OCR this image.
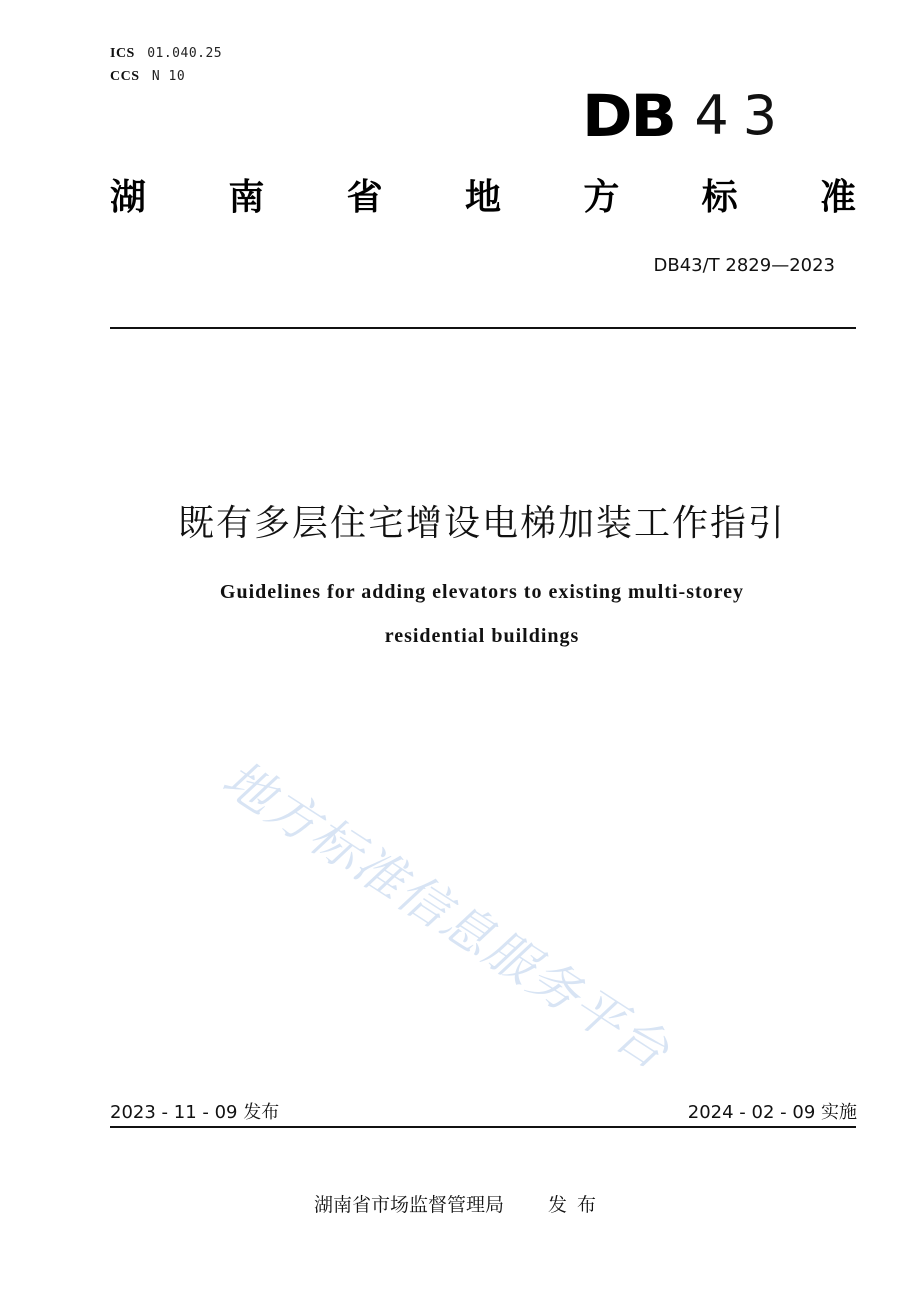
ICS 01.040.25
CCS N 10
DB 43
湖 南 省 地 方 标 准
DB43/T 2829—2023
既有多层住宅增设电梯加装工作指引
Guidelines for adding elevators to existing multi-storey
residential buildings
地方标准信息服务平台
2023 - 11 - 09 发布	2024 - 02 - 09 实施
湖南省市场监督管理局 发布
